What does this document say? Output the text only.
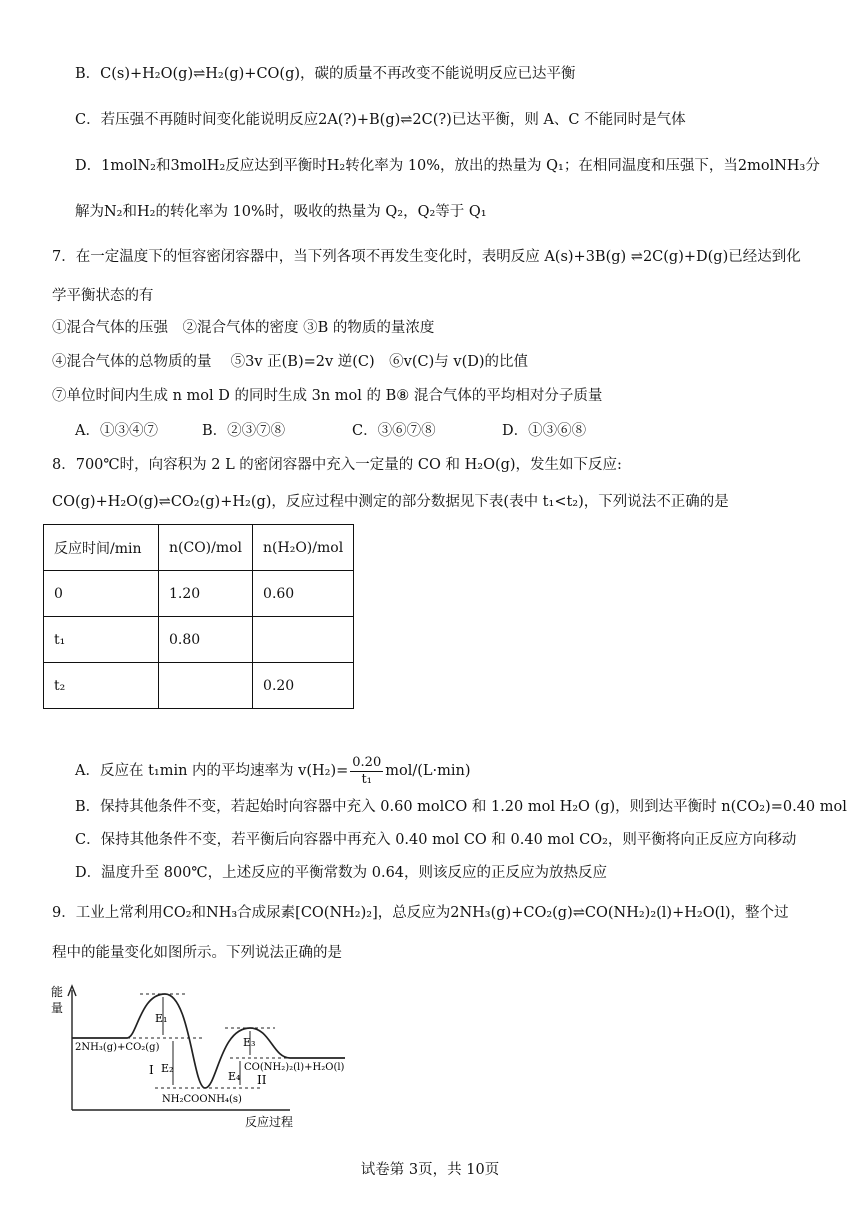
B．C(s)+H₂O(g)⇌H₂(g)+CO(g)，碳的质量不再改变不能说明反应已达平衡
C．若压强不再随时间变化能说明反应2A(?)+B(g)⇌2C(?)已达平衡，则 A、C 不能同时是气体
D．1molN₂和3molH₂反应达到平衡时H₂转化率为 10%，放出的热量为 Q₁；在相同温度和压强下，当2molNH₃分
解为N₂和H₂的转化率为 10%时，吸收的热量为 Q₂，Q₂等于 Q₁
7．在一定温度下的恒容密闭容器中，当下列各项不再发生变化时，表明反应 A(s)+3B(g) ⇌2C(g)+D(g)已经达到化
学平衡状态的有
①混合气体的压强　②混合气体的密度 ③B 的物质的量浓度
④混合气体的总物质的量　 ⑤3v 正(B)=2v 逆(C)　⑥v(C)与 v(D)的比值
⑦单位时间内生成 n mol D 的同时生成 3n mol 的 B⑧ 混合气体的平均相对分子质量
A．①③④⑦	B．②③⑦⑧	C．③⑥⑦⑧	D．①③⑥⑧
8．700℃时，向容积为 2 L 的密闭容器中充入一定量的 CO 和 H₂O(g)，发生如下反应:
CO(g)+H₂O(g)⇌CO₂(g)+H₂(g)，反应过程中测定的部分数据见下表(表中 t₁<t₂)，下列说法不正确的是
反应时间/min	n(CO)/mol	n(H₂O)/mol
0	1.20	0.60
t₁	0.80	
t₂		0.20
A．反应在 t₁min 内的平均速率为 $v(H_2)= \frac{0.20}{\text{t₁}} mol/(L\cdot\min)$
B．保持其他条件不变，若起始时向容器中充入 0.60 molCO 和 1.20 mol H₂O (g)，则到达平衡时 n(CO₂)=0.40 mol
C．保持其他条件不变，若平衡后向容器中再充入 0.40 mol CO 和 0.40 mol CO₂，则平衡将向正反应方向移动
D．温度升至 800℃，上述反应的平衡常数为 0.64，则该反应的正反应为放热反应
9．工业上常利用CO₂和NH₃合成尿素[CO(NH₂)₂]，总反应为2NH₃(g)+CO₂(g)⇌CO(NH₂)₂(l)+H₂O(l)，整个过
程中的能量变化如图所示。下列说法正确的是
能
量
2NH₃(g)+CO₂(g)
NH₂COONH₄(s)
CO(NH₂)₂(l)+H₂O(l)
I
II
E₁
E₂
E₃
E₄
反应过程
试卷第 3页，共 10页
